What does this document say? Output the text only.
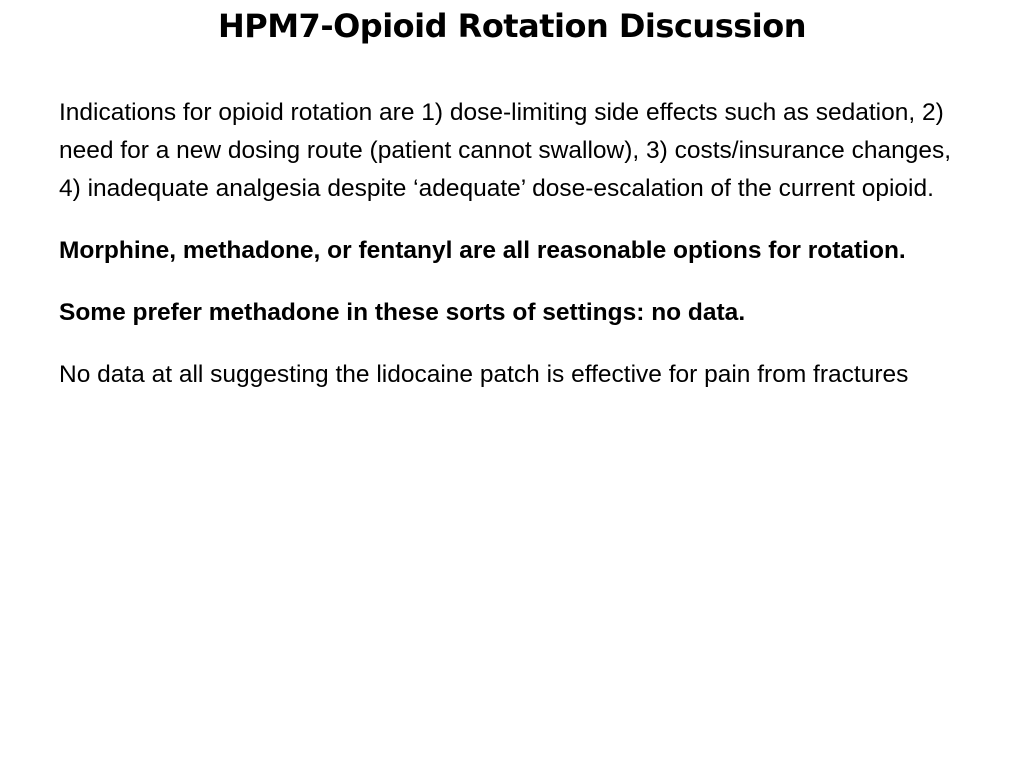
HPM7-Opioid Rotation Discussion

Indications for opioid rotation are 1) dose-limiting side effects such as sedation, 2) need for a new dosing route (patient cannot swallow), 3) costs/insurance changes, 4) inadequate analgesia despite ‘adequate’ dose-escalation of the current opioid.

Morphine, methadone, or fentanyl are all reasonable options for rotation.

Some prefer methadone in these sorts of settings: no data.

No data at all suggesting the lidocaine patch is effective for pain from fractures
